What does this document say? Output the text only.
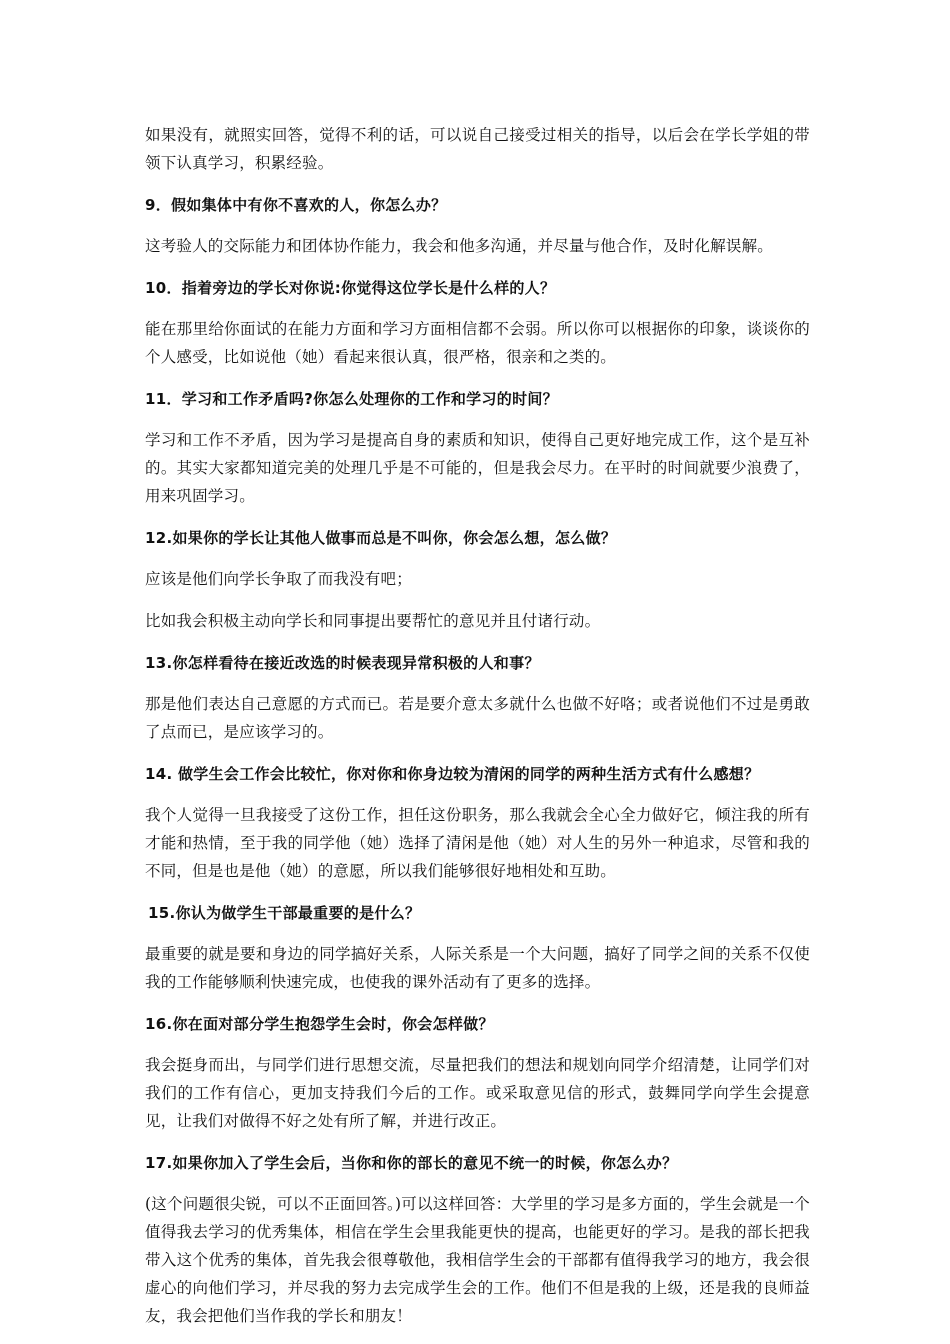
如果没有，就照实回答，觉得不利的话，可以说自己接受过相关的指导，以后会在学长学姐的带领下认真学习，积累经验。

9．假如集体中有你不喜欢的人，你怎么办？

这考验人的交际能力和团体协作能力，我会和他多沟通，并尽量与他合作，及时化解误解。

10．指着旁边的学长对你说:你觉得这位学长是什么样的人？

能在那里给你面试的在能力方面和学习方面相信都不会弱。所以你可以根据你的印象，谈谈你的个人感受，比如说他（她）看起来很认真，很严格，很亲和之类的。

11．学习和工作矛盾吗?你怎么处理你的工作和学习的时间？

学习和工作不矛盾，因为学习是提高自身的素质和知识，使得自己更好地完成工作，这个是互补的。其实大家都知道完美的处理几乎是不可能的，但是我会尽力。在平时的时间就要少浪费了，用来巩固学习。

12.如果你的学长让其他人做事而总是不叫你，你会怎么想，怎么做？

应该是他们向学长争取了而我没有吧；

比如我会积极主动向学长和同事提出要帮忙的意见并且付诸行动。

13.你怎样看待在接近改选的时候表现异常积极的人和事？

那是他们表达自己意愿的方式而已。若是要介意太多就什么也做不好咯；或者说他们不过是勇敢了点而已，是应该学习的。

14. 做学生会工作会比较忙，你对你和你身边较为清闲的同学的两种生活方式有什么感想？

我个人觉得一旦我接受了这份工作，担任这份职务，那么我就会全心全力做好它，倾注我的所有才能和热情，至于我的同学他（她）选择了清闲是他（她）对人生的另外一种追求，尽管和我的不同，但是也是他（她）的意愿，所以我们能够很好地相处和互助。

15.你认为做学生干部最重要的是什么？

最重要的就是要和身边的同学搞好关系，人际关系是一个大问题，搞好了同学之间的关系不仅使我的工作能够顺利快速完成，也使我的课外活动有了更多的选择。

16.你在面对部分学生抱怨学生会时，你会怎样做？

我会挺身而出，与同学们进行思想交流，尽量把我们的想法和规划向同学介绍清楚，让同学们对我们的工作有信心，更加支持我们今后的工作。或采取意见信的形式，鼓舞同学向学生会提意见，让我们对做得不好之处有所了解，并进行改正。

17.如果你加入了学生会后，当你和你的部长的意见不统一的时候，你怎么办？

(这个问题很尖锐，可以不正面回答。)可以这样回答：大学里的学习是多方面的，学生会就是一个值得我去学习的优秀集体，相信在学生会里我能更快的提高，也能更好的学习。是我的部长把我带入这个优秀的集体，首先我会很尊敬他，我相信学生会的干部都有值得我学习的地方，我会很虚心的向他们学习，并尽我的努力去完成学生会的工作。他们不但是我的上级，还是我的良师益友，我会把他们当作我的学长和朋友！
